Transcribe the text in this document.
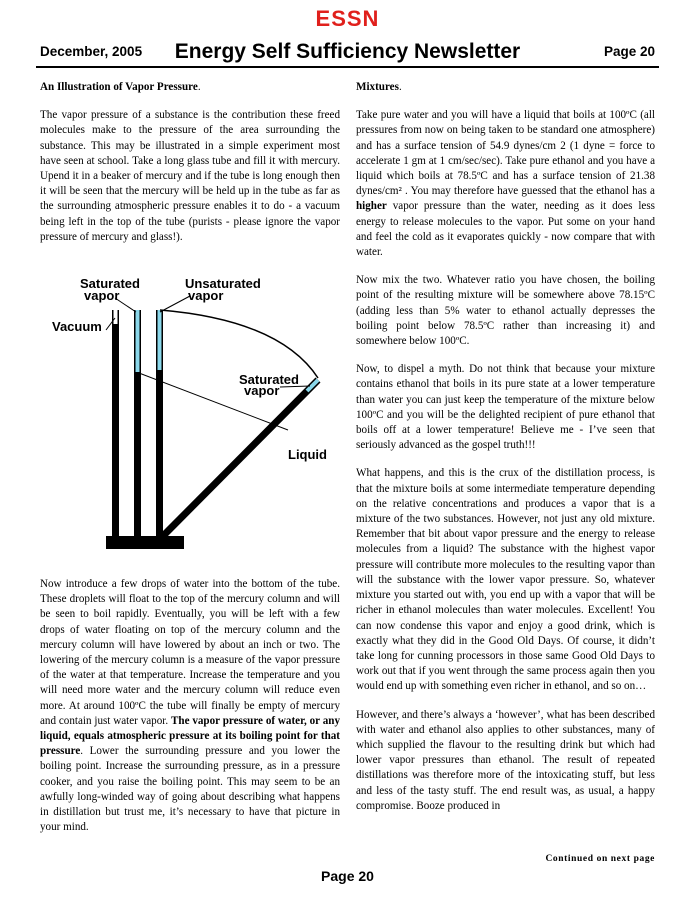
ESSN
December, 2005	Energy Self Sufficiency Newsletter	Page 20

An Illustration of Vapor Pressure.

The vapor pressure of a substance is the contribution these freed molecules make to the pressure of the area surrounding the substance. This may be illustrated in a simple experiment most have seen at school. Take a long glass tube and fill it with mercury. Upend it in a beaker of mercury and if the tube is long enough then it will be seen that the mercury will be held up in the tube as far as the surrounding atmospheric pressure enables it to do - a vacuum being left in the top of the tube (purists - please ignore the vapor pressure of mercury and glass!).

Saturated
vapor
Unsaturated
vapor
Vacuum
Saturated
vapor
Liquid

Now introduce a few drops of water into the bottom of the tube. These droplets will float to the top of the mercury column and will be seen to boil rapidly. Eventually, you will be left with a few drops of water floating on top of the mercury column and the mercury column will have lowered by about an inch or two. The lowering of the mercury column is a measure of the vapor pressure of the water at that temperature. Increase the temperature and you will need more water and the mercury column will reduce even more. At around 100ºC the tube will finally be empty of mercury and contain just water vapor. The vapor pressure of water, or any liquid, equals atmospheric pressure at its boiling point for that pressure. Lower the surrounding pressure and you lower the boiling point. Increase the surrounding pressure, as in a pressure cooker, and you raise the boiling point. This may seem to be an awfully long-winded way of going about describing what happens in distillation but trust me, it’s necessary to have that picture in your mind.

Mixtures.

Take pure water and you will have a liquid that boils at 100ºC (all pressures from now on being taken to be standard one atmosphere) and has a surface tension of 54.9 dynes/cm 2 (1 dyne = force to accelerate 1 gm at 1 cm/sec/sec). Take pure ethanol and you have a liquid which boils at 78.5ºC and has a surface tension of 21.38 dynes/cm² . You may therefore have guessed that the ethanol has a higher vapor pressure than the water, needing as it does less energy to release molecules to the vapor. Put some on your hand and feel the cold as it evaporates quickly - now compare that with water.

Now mix the two. Whatever ratio you have chosen, the boiling point of the resulting mixture will be somewhere above 78.15ºC (adding less than 5% water to ethanol actually depresses the boiling point below 78.5ºC rather than increasing it) and somewhere below 100ºC.

Now, to dispel a myth. Do not think that because your mixture contains ethanol that boils in its pure state at a lower temperature than water you can just keep the temperature of the mixture below 100ºC and you will be the delighted recipient of pure ethanol that boils off at a lower temperature! Believe me - I’ve seen that seriously advanced as the gospel truth!!!

What happens, and this is the crux of the distillation process, is that the mixture boils at some intermediate temperature depending on the relative concentrations and produces a vapor that is a mixture of the two substances. However, not just any old mixture. Remember that bit about vapor pressure and the energy to release molecules from a liquid? The substance with the highest vapor pressure will contribute more molecules to the resulting vapor than will the substance with the lower vapor pressure. So, whatever mixture you started out with, you end up with a vapor that will be richer in ethanol molecules than water molecules. Excellent! You can now condense this vapor and enjoy a good drink, which is exactly what they did in the Good Old Days. Of course, it didn’t take long for cunning processors in those same Good Old Days to work out that if you went through the same process again then you would end up with something even richer in ethanol, and so on…

However, and there’s always a ‘however’, what has been described with water and ethanol also applies to other substances, many of which supplied the flavour to the resulting drink but which had lower vapor pressures than ethanol. The result of repeated distillations was therefore more of the intoxicating stuff, but less and less of the tasty stuff. The end result was, as usual, a happy compromise. Booze produced in

Continued on next page
Page 20
